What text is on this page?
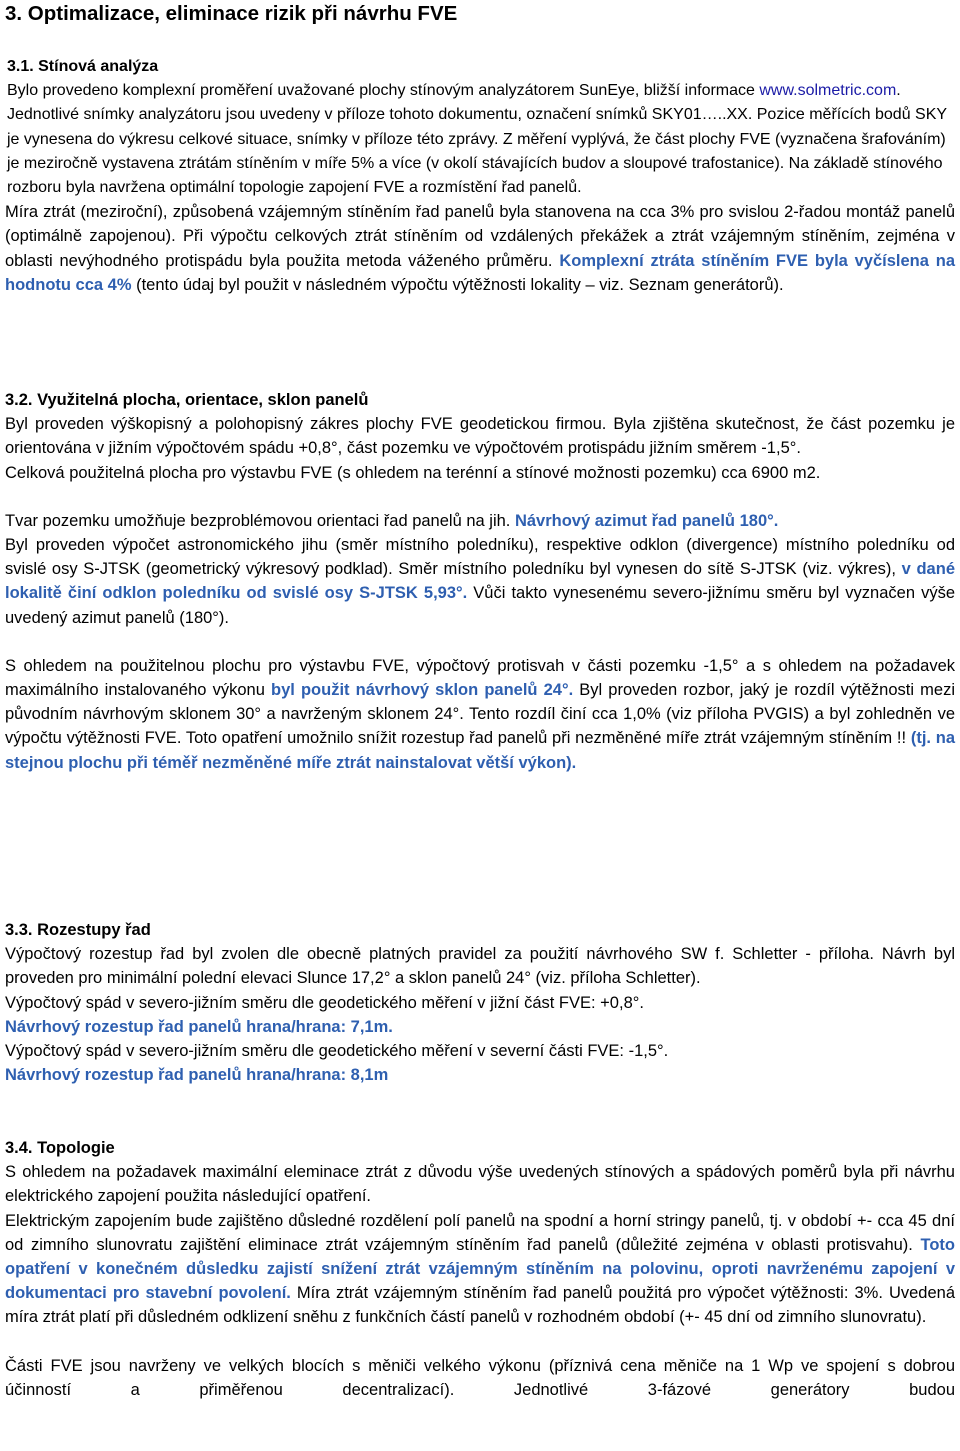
3. Optimalizace, eliminace rizik při návrhu FVE
3.1. Stínová analýza
Bylo provedeno komplexní proměření uvažované plochy stínovým analyzátorem SunEye, bližší informace www.solmetric.com. Jednotlivé snímky analyzátoru jsou uvedeny v příloze tohoto dokumentu, označení snímků SKY01…..XX. Pozice měřících bodů SKY je vynesena do výkresu celkové situace, snímky v příloze této zprávy. Z měření vyplývá, že část plochy FVE (vyznačena šrafováním) je meziročně vystavena ztrátám stíněním v míře 5% a více (v okolí stávajících budov a sloupové trafostanice). Na základě stínového rozboru byla navržena optimální topologie zapojení FVE a rozmístění řad panelů.
Míra ztrát (meziroční), způsobená vzájemným stíněním řad panelů byla stanovena na cca 3% pro svislou 2-řadou montáž panelů (optimálně zapojenou). Při výpočtu celkových ztrát stíněním od vzdálených překážek a ztrát vzájemným stíněním, zejména v oblasti nevýhodného protispádu byla použita metoda váženého průměru. Komplexní ztráta stíněním FVE byla vyčíslena na hodnotu cca 4% (tento údaj byl použit v následném výpočtu výtěžnosti lokality – viz. Seznam generátorů).
3.2. Využitelná plocha, orientace, sklon panelů
Byl proveden výškopisný a polohopisný zákres plochy FVE geodetickou firmou. Byla zjištěna skutečnost, že část pozemku je orientována v jižním výpočtovém spádu +0,8°, část pozemku ve výpočtovém protispádu jižním směrem -1,5°.
Celková použitelná plocha pro výstavbu FVE (s ohledem na terénní a stínové možnosti pozemku) cca 6900 m2.
Tvar pozemku umožňuje bezproblémovou orientaci řad panelů na jih. Návrhový azimut řad panelů 180°.
Byl proveden výpočet astronomického jihu (směr místního poledníku), respektive odklon (divergence) místního poledníku od svislé osy S-JTSK (geometrický výkresový podklad). Směr místního poledníku byl vynesen do sítě S-JTSK (viz. výkres), v dané lokalitě činí odklon poledníku od svislé osy S-JTSK 5,93°. Vůči takto vynesenému severo-jižnímu směru byl vyznačen výše uvedený azimut panelů (180°).
S ohledem na použitelnou plochu pro výstavbu FVE, výpočtový protisvah v části pozemku -1,5° a s ohledem na požadavek maximálního instalovaného výkonu byl použit návrhový sklon panelů 24°. Byl proveden rozbor, jaký je rozdíl výtěžnosti mezi původním návrhovým sklonem 30° a navrženým sklonem 24°. Tento rozdíl činí cca 1,0% (viz příloha PVGIS) a byl zohledněn ve výpočtu výtěžnosti FVE. Toto opatření umožnilo snížit rozestup řad panelů při nezměněné míře ztrát vzájemným stíněním !! (tj. na stejnou plochu při téměř nezměněné míře ztrát nainstalovat větší výkon).
3.3. Rozestupy řad
Výpočtový rozestup řad byl zvolen dle obecně platných pravidel za použití návrhového SW f. Schletter - příloha. Návrh byl proveden pro minimální polední elevaci Slunce 17,2° a sklon panelů 24° (viz. příloha Schletter).
Výpočtový spád v severo-jižním směru dle geodetického měření v jižní část FVE: +0,8°.
Návrhový rozestup řad panelů hrana/hrana: 7,1m.
Výpočtový spád v severo-jižním směru dle geodetického měření v severní části FVE: -1,5°.
Návrhový rozestup řad panelů hrana/hrana: 8,1m
3.4. Topologie
S ohledem na požadavek maximální eleminace ztrát z důvodu výše uvedených stínových a spádových poměrů byla při návrhu elektrického zapojení použita následující opatření.
Elektrickým zapojením bude zajištěno důsledné rozdělení polí panelů na spodní a horní stringy panelů, tj. v období +- cca 45 dní od zimního slunovratu zajištění eliminace ztrát vzájemným stíněním řad panelů (důležité zejména v oblasti protisvahu). Toto opatření v konečném důsledku zajistí snížení ztrát vzájemným stíněním na polovinu, oproti navrženému zapojení v dokumentaci pro stavební povolení. Míra ztrát vzájemným stíněním řad panelů použitá pro výpočet výtěžnosti: 3%. Uvedená míra ztrát platí při důsledném odklizení sněhu z funkčních částí panelů v rozhodném období (+- 45 dní od zimního slunovratu).
Části FVE jsou navrženy ve velkých blocích s měniči velkého výkonu (příznivá cena měniče na 1 Wp ve spojení s dobrou účinností a přiměřenou decentralizací). Jednotlivé 3-fázové generátory budou
